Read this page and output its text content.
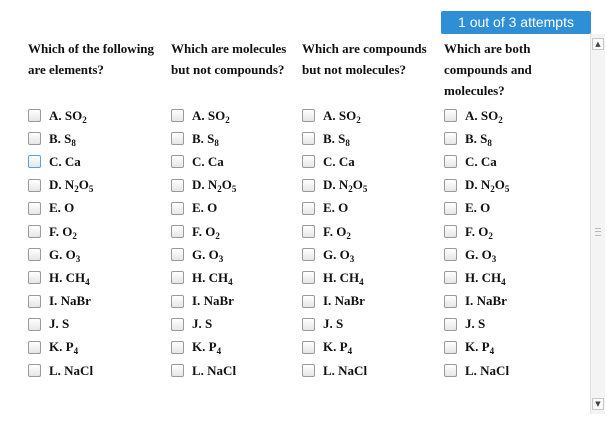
1 out of 3 attempts
Which of the following
are elements?
A. $SO_2$
B. $S_8$
C. Ca
D. $N_2O_5$
E. O
F. $O_2$
G. $O_3$
H. $CH_4$
I. NaBr
J. S
K. $P_4$
L. NaCl
Which are molecules
but not compounds?
A. $SO_2$
B. $S_8$
C. Ca
D. $N_2O_5$
E. O
F. $O_2$
G. $O_3$
H. $CH_4$
I. NaBr
J. S
K. $P_4$
L. NaCl
Which are compounds
but not molecules?
A. $SO_2$
B. $S_8$
C. Ca
D. $N_2O_5$
E. O
F. $O_2$
G. $O_3$
H. $CH_4$
I. NaBr
J. S
K. $P_4$
L. NaCl
Which are both
compounds and
molecules?
A. $SO_2$
B. $S_8$
C. Ca
D. $N_2O_5$
E. O
F. $O_2$
G. $O_3$
H. $CH_4$
I. NaBr
J. S
K. $P_4$
L. NaCl
▲
▼
